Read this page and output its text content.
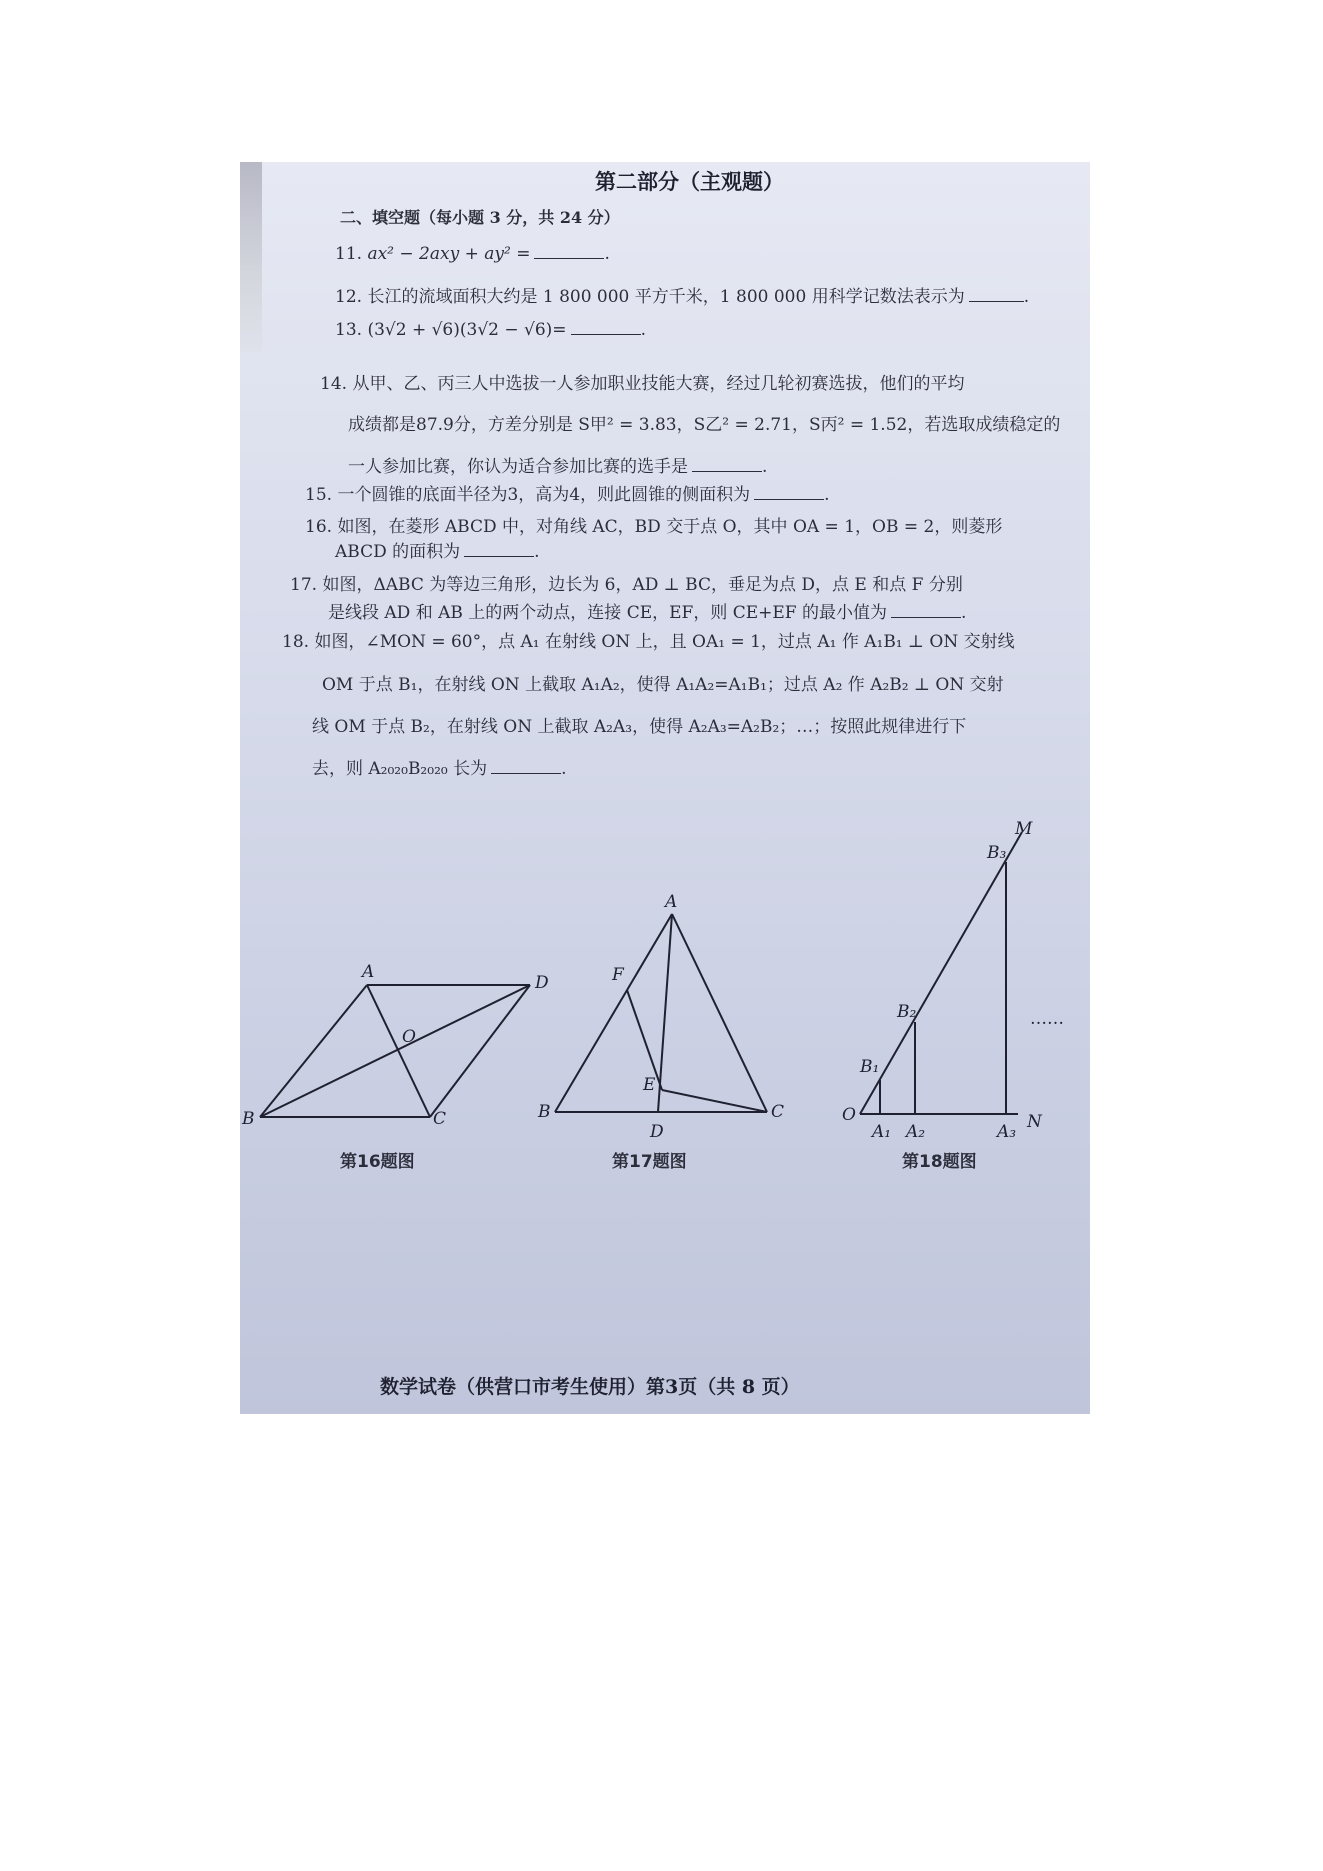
第二部分（主观题）
二、填空题（每小题 3 分，共 24 分）
11. ax² − 2axy + ay² =	.
12. 长江的流域面积大约是 1 800 000 平方千米，1 800 000 用科学记数法表示为	.
13. (3√2 + √6)(3√2 − √6)=	.
14. 从甲、乙、丙三人中选拔一人参加职业技能大赛，经过几轮初赛选拔，他们的平均
成绩都是87.9分，方差分别是 S甲² = 3.83，S乙² = 2.71，S丙² = 1.52，若选取成绩稳定的
一人参加比赛，你认为适合参加比赛的选手是	.
15. 一个圆锥的底面半径为3，高为4，则此圆锥的侧面积为	.
16. 如图，在菱形 ABCD 中，对角线 AC，BD 交于点 O，其中 OA = 1，OB = 2，则菱形
ABCD 的面积为	.
17. 如图，ΔABC 为等边三角形，边长为 6，AD ⊥ BC，垂足为点 D，点 E 和点 F 分别
是线段 AD 和 AB 上的两个动点，连接 CE，EF，则 CE+EF 的最小值为	.
18. 如图，∠MON = 60°，点 A₁ 在射线 ON 上，且 OA₁ = 1，过点 A₁ 作 A₁B₁ ⊥ ON 交射线
OM 于点 B₁，在射线 ON 上截取 A₁A₂，使得 A₁A₂=A₁B₁；过点 A₂ 作 A₂B₂ ⊥ ON 交射
线 OM 于点 B₂，在射线 ON 上截取 A₂A₃，使得 A₂A₃=A₂B₂；…；按照此规律进行下
去，则 A₂₀₂₀B₂₀₂₀ 长为	.
A
B	C
D
O
A
B	C
D
E
F
O
M
N
A₁ A₂	A₃
B₁
B₂
B₃
……
第16题图	第17题图	第18题图
数学试卷（供营口市考生使用）第3页（共 8 页）
